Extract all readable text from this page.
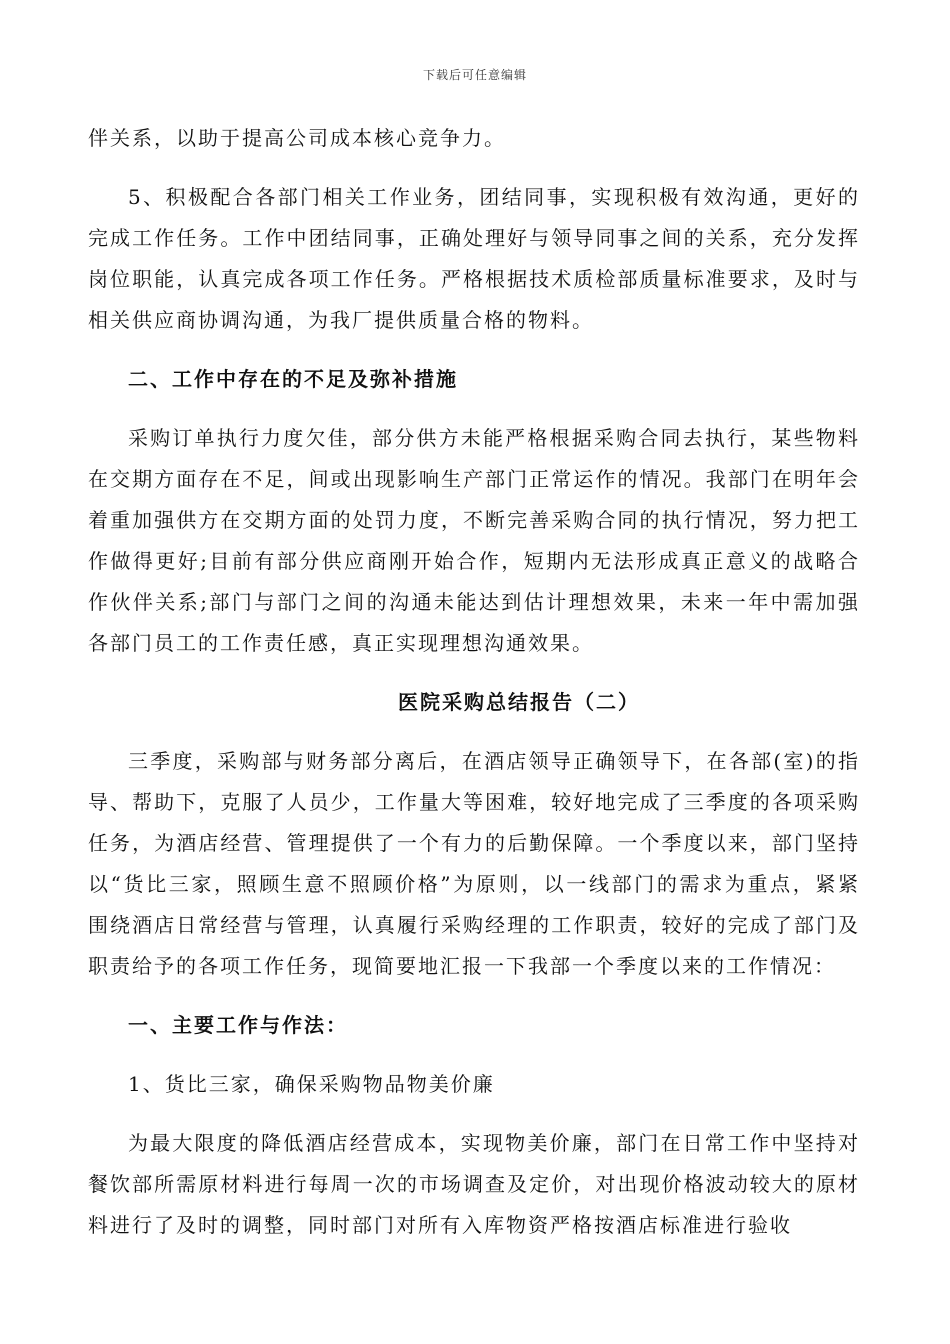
下载后可任意编辑

伴关系，以助于提高公司成本核心竞争力。

5、积极配合各部门相关工作业务，团结同事，实现积极有效沟通，更好的完成工作任务。工作中团结同事，正确处理好与领导同事之间的关系，充分发挥岗位职能，认真完成各项工作任务。严格根据技术质检部质量标准要求，及时与相关供应商协调沟通，为我厂提供质量合格的物料。

二、工作中存在的不足及弥补措施

采购订单执行力度欠佳，部分供方未能严格根据采购合同去执行，某些物料在交期方面存在不足，间或出现影响生产部门正常运作的情况。我部门在明年会着重加强供方在交期方面的处罚力度，不断完善采购合同的执行情况，努力把工作做得更好;目前有部分供应商刚开始合作，短期内无法形成真正意义的战略合作伙伴关系;部门与部门之间的沟通未能达到估计理想效果，未来一年中需加强各部门员工的工作责任感，真正实现理想沟通效果。

医院采购总结报告（二）

三季度，采购部与财务部分离后，在酒店领导正确领导下，在各部(室)的指导、帮助下，克服了人员少，工作量大等困难，较好地完成了三季度的各项采购任务，为酒店经营、管理提供了一个有力的后勤保障。一个季度以来，部门坚持以“货比三家，照顾生意不照顾价格”为原则，以一线部门的需求为重点，紧紧围绕酒店日常经营与管理，认真履行采购经理的工作职责，较好的完成了部门及职责给予的各项工作任务，现简要地汇报一下我部一个季度以来的工作情况：

一、主要工作与作法：

1、货比三家，确保采购物品物美价廉

为最大限度的降低酒店经营成本，实现物美价廉，部门在日常工作中坚持对餐饮部所需原材料进行每周一次的市场调查及定价，对出现价格波动较大的原材料进行了及时的调整，同时部门对所有入库物资严格按酒店标准进行验收
